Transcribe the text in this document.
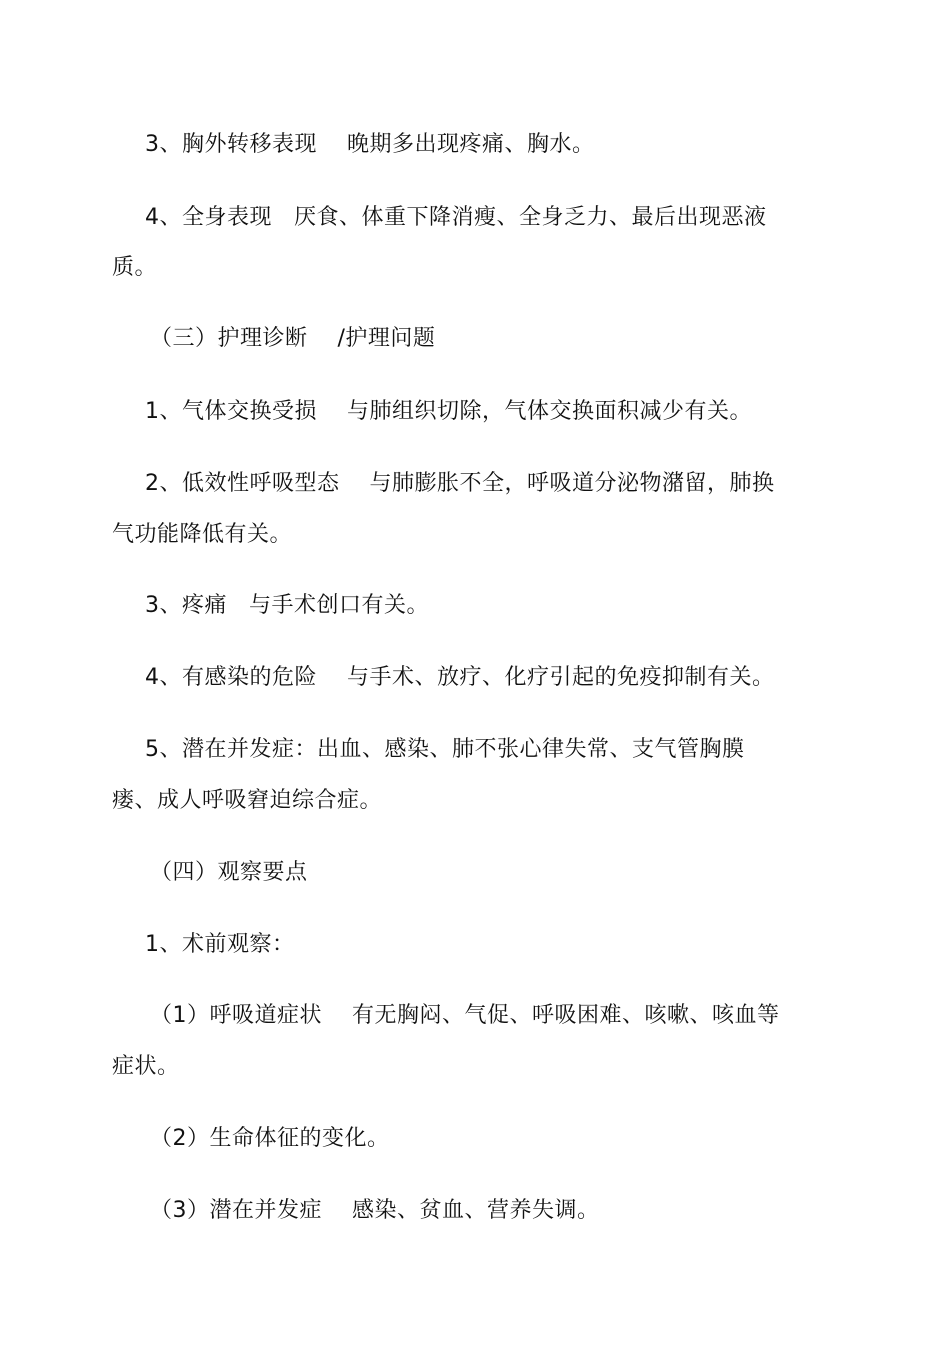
3、胸外转移表现 晚期多出现疼痛、胸水。
4、全身表现 厌食、体重下降消瘦、全身乏力、最后出现恶液
质。
（三）护理诊断 /护理问题
1、气体交换受损 与肺组织切除，气体交换面积减少有关。
2、低效性呼吸型态 与肺膨胀不全，呼吸道分泌物潴留，肺换
气功能降低有关。
3、疼痛 与手术创口有关。
4、有感染的危险 与手术、放疗、化疗引起的免疫抑制有关。
5、潜在并发症：出血、感染、肺不张心律失常、支气管胸膜
瘘、成人呼吸窘迫综合症。
（四）观察要点
1、术前观察：
（1）呼吸道症状 有无胸闷、气促、呼吸困难、咳嗽、咳血等
症状。
（2）生命体征的变化。
（3）潜在并发症 感染、贫血、营养失调。
